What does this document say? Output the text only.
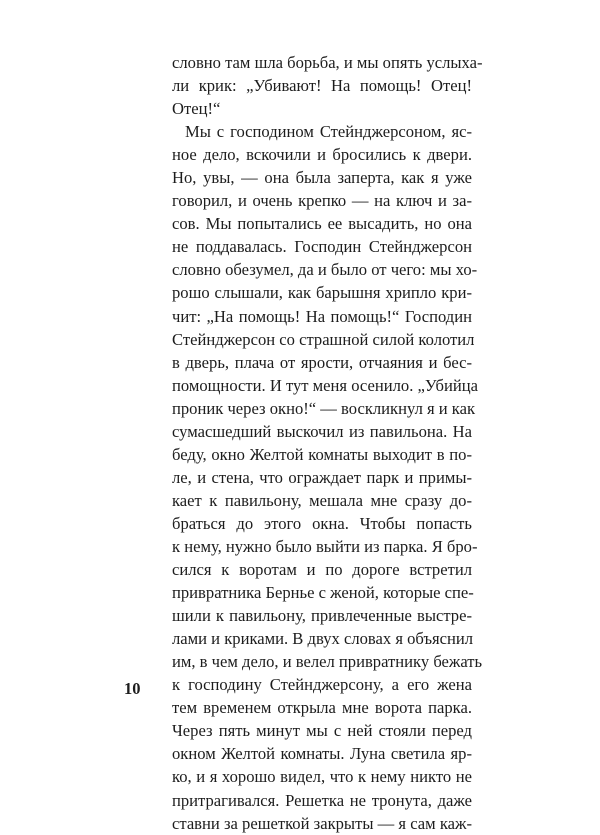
словно там шла борьба, и мы опять услыха-
ли крик: „Убивают! На помощь! Отец!
Отец!“
Мы с господином Стейнджерсоном, яс-
ное дело, вскочили и бросились к двери.
Но, увы, — она была заперта, как я уже
говорил, и очень крепко — на ключ и за-
сов. Мы попытались ее высадить, но она
не поддавалась. Господин Стейнджерсон
словно обезумел, да и было от чего: мы хо-
рошо слышали, как барышня хрипло кри-
чит: „На помощь! На помощь!“ Господин
Стейнджерсон со страшной силой колотил
в дверь, плача от ярости, отчаяния и бес-
помощности. И тут меня осенило. „Убийца
проник через окно!“ — воскликнул я и как
сумасшедший выскочил из павильона. На
беду, окно Желтой комнаты выходит в по-
ле, и стена, что ограждает парк и примы-
кает к павильону, мешала мне сразу до-
браться до этого окна. Чтобы попасть
к нему, нужно было выйти из парка. Я бро-
сился к воротам и по дороге встретил
привратника Бернье с женой, которые спе-
шили к павильону, привлеченные выстре-
лами и криками. В двух словах я объяснил
им, в чем дело, и велел привратнику бежать
к господину Стейнджерсону, а его жена
тем временем открыла мне ворота парка.
Через пять минут мы с ней стояли перед
окном Желтой комнаты. Луна светила яр-
ко, и я хорошо видел, что к нему никто не
притрагивался. Решетка не тронута, даже
ставни за решеткой закрыты — я сам каж-
10
